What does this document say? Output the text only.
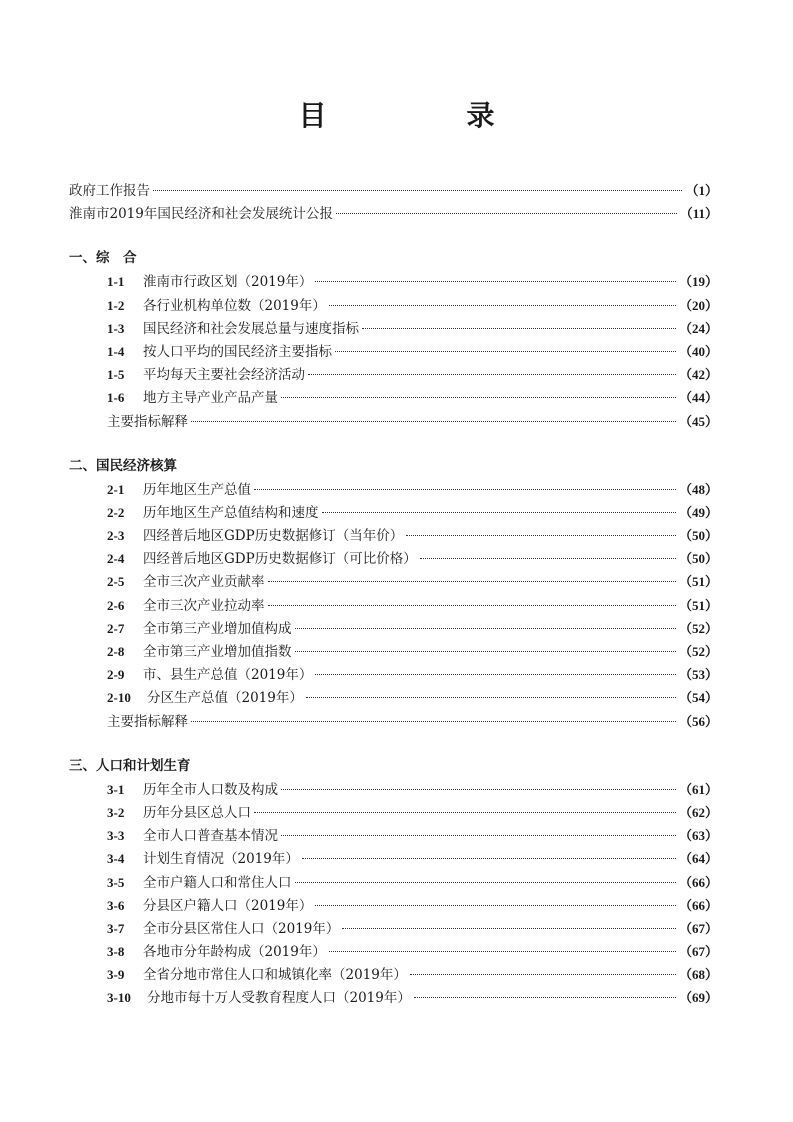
目　录
政府工作报告	（1）
淮南市2019年国民经济和社会发展统计公报	（11）
一、综　合
1-1	淮南市行政区划（2019年）	（19）
1-2	各行业机构单位数（2019年）	（20）
1-3	国民经济和社会发展总量与速度指标	（24）
1-4	按人口平均的国民经济主要指标	（40）
1-5	平均每天主要社会经济活动	（42）
1-6	地方主导产业产品产量	（44）
主要指标解释	（45）
二、国民经济核算
2-1	历年地区生产总值	（48）
2-2	历年地区生产总值结构和速度	（49）
2-3	四经普后地区GDP历史数据修订（当年价）	（50）
2-4	四经普后地区GDP历史数据修订（可比价格）	（50）
2-5	全市三次产业贡献率	（51）
2-6	全市三次产业拉动率	（51）
2-7	全市第三产业增加值构成	（52）
2-8	全市第三产业增加值指数	（52）
2-9	市、县生产总值（2019年）	（53）
2-10	分区生产总值（2019年）	（54）
主要指标解释	（56）
三、人口和计划生育
3-1	历年全市人口数及构成	（61）
3-2	历年分县区总人口	（62）
3-3	全市人口普查基本情况	（63）
3-4	计划生育情况（2019年）	（64）
3-5	全市户籍人口和常住人口	（66）
3-6	分县区户籍人口（2019年）	（66）
3-7	全市分县区常住人口（2019年）	（67）
3-8	各地市分年龄构成（2019年）	（67）
3-9	全省分地市常住人口和城镇化率（2019年）	（68）
3-10	分地市每十万人受教育程度人口（2019年）	（69）
